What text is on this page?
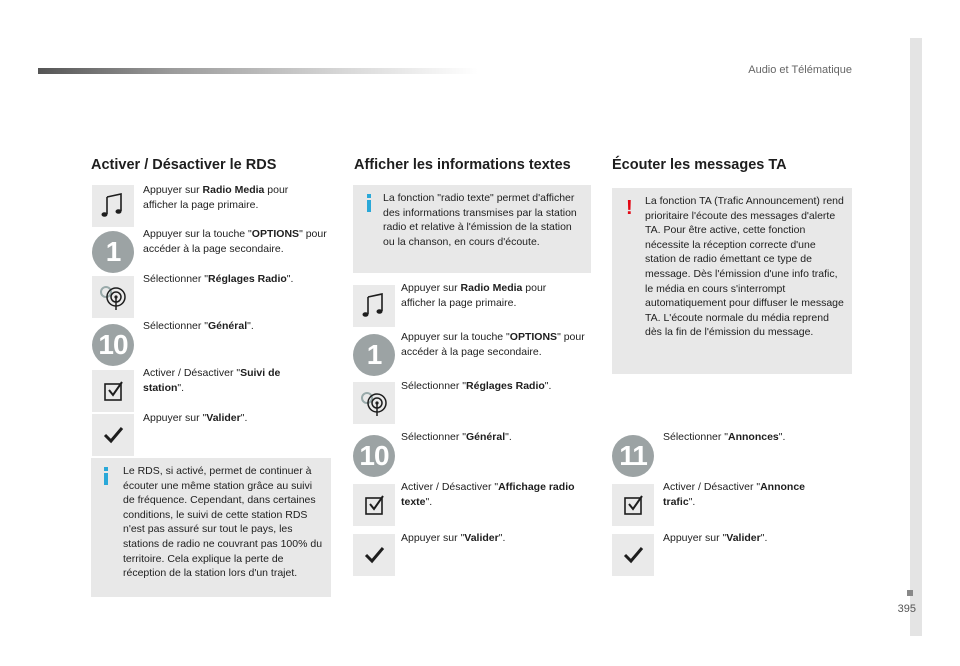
Audio et Télématique
395
Activer / Désactiver le RDS
Appuyer sur Radio Media pour afficher la page primaire.
1
Appuyer sur la touche "OPTIONS" pour accéder à la page secondaire.
Sélectionner "Réglages Radio".
10
Sélectionner "Général".
Activer / Désactiver "Suivi de station".
Appuyer sur "Valider".
Le RDS, si activé, permet de continuer à écouter une même station grâce au suivi de fréquence. Cependant, dans certaines conditions, le suivi de cette station RDS n'est pas assuré sur tout le pays, les stations de radio ne couvrant pas 100% du territoire. Cela explique la perte de réception de la station lors d'un trajet.
Afficher les informations textes
La fonction "radio texte" permet d'afficher des informations transmises par la station radio et relative à l'émission de la station ou la chanson, en cours d'écoute.
Appuyer sur Radio Media pour afficher la page primaire.
1
Appuyer sur la touche "OPTIONS" pour accéder à la page secondaire.
Sélectionner "Réglages Radio".
10
Sélectionner "Général".
Activer / Désactiver "Affichage radio texte".
Appuyer sur "Valider".
Écouter les messages TA
! La fonction TA (Trafic Announcement) rend prioritaire l'écoute des messages d'alerte TA. Pour être active, cette fonction nécessite la réception correcte d'une station de radio émettant ce type de message. Dès l'émission d'une info trafic, le média en cours s'interrompt automatiquement pour diffuser le message TA. L'écoute normale du média reprend dès la fin de l'émission du message.
11
Sélectionner "Annonces".
Activer / Désactiver "Annonce trafic".
Appuyer sur "Valider".
